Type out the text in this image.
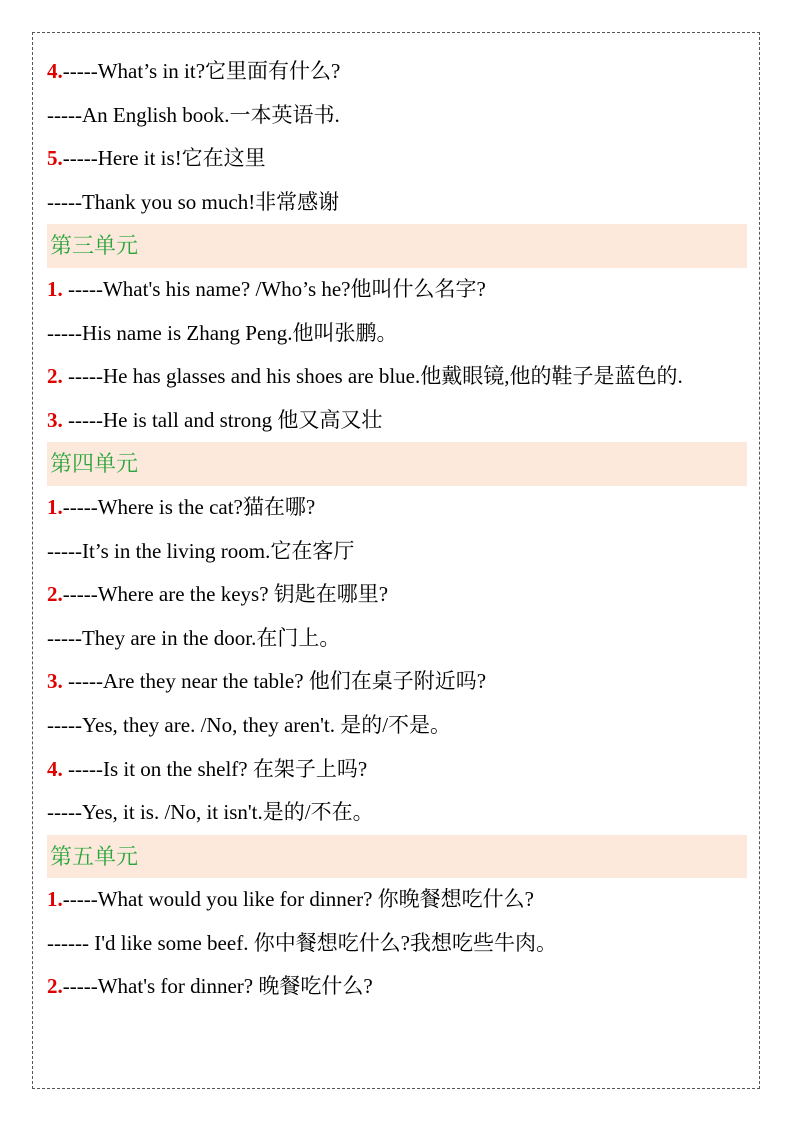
4.-----What’s in it?它里面有什么?
-----An English book.一本英语书.
5.-----Here it is!它在这里
-----Thank you so much!非常感谢
第三单元
1. -----What's his name? /Who’s he?他叫什么名字?
-----His name is Zhang Peng.他叫张鹏。
2. -----He has glasses and his shoes are blue.他戴眼镜,他的鞋子是蓝色的.
3. -----He is tall and strong 他又高又壮
第四单元
1.-----Where is the cat?猫在哪?
-----It’s in the living room.它在客厅
2.-----Where are the keys? 钥匙在哪里?
-----They are in the door.在门上。
3. -----Are they near the table? 他们在桌子附近吗?
-----Yes, they are. /No, they aren't. 是的/不是。
4. -----Is it on the shelf? 在架子上吗?
-----Yes, it is. /No, it isn't.是的/不在。
第五单元
1.-----What would you like for dinner? 你晚餐想吃什么?
------ I'd like some beef. 你中餐想吃什么?我想吃些牛肉。
2.-----What's for dinner? 晚餐吃什么?
